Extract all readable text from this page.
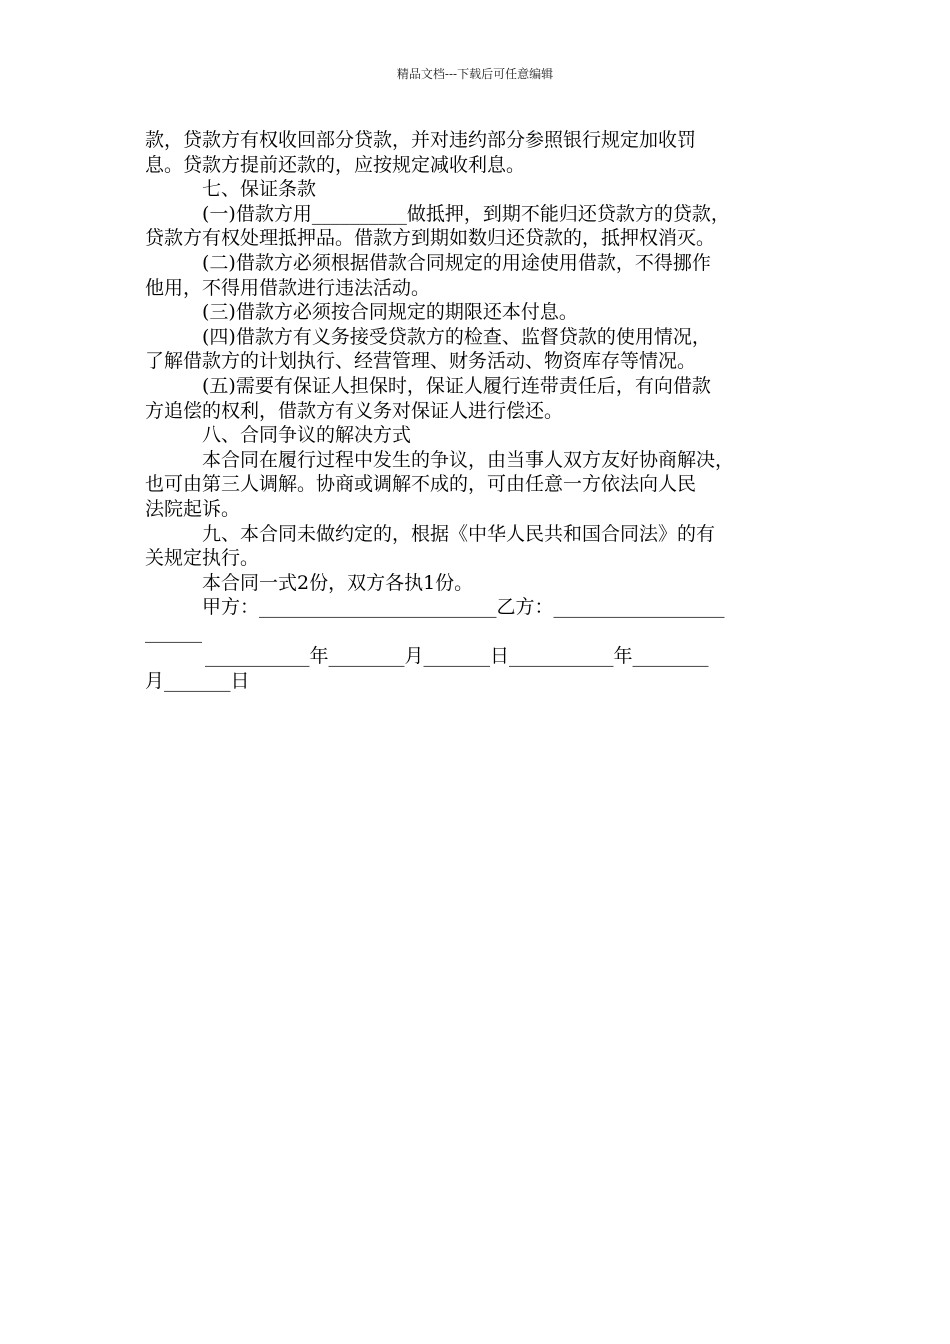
精品文档---下载后可任意编辑
款，贷款方有权收回部分贷款，并对违约部分参照银行规定加收罚
息。贷款方提前还款的，应按规定减收利息。
七、保证条款
(一)借款方用__________做抵押，到期不能归还贷款方的贷款，
贷款方有权处理抵押品。借款方到期如数归还贷款的，抵押权消灭。
(二)借款方必须根据借款合同规定的用途使用借款，不得挪作
他用，不得用借款进行违法活动。
(三)借款方必须按合同规定的期限还本付息。
(四)借款方有义务接受贷款方的检查、监督贷款的使用情况，
了解借款方的计划执行、经营管理、财务活动、物资库存等情况。
(五)需要有保证人担保时，保证人履行连带责任后，有向借款
方追偿的权利，借款方有义务对保证人进行偿还。
八、合同争议的解决方式
本合同在履行过程中发生的争议，由当事人双方友好协商解决，
也可由第三人调解。协商或调解不成的，可由任意一方依法向人民
法院起诉。
九、本合同未做约定的，根据《中华人民共和国合同法》的有
关规定执行。
本合同一式2份，双方各执1份。
甲方：_________________________乙方：__________________
______
___________年________月_______日___________年________
月_______日
